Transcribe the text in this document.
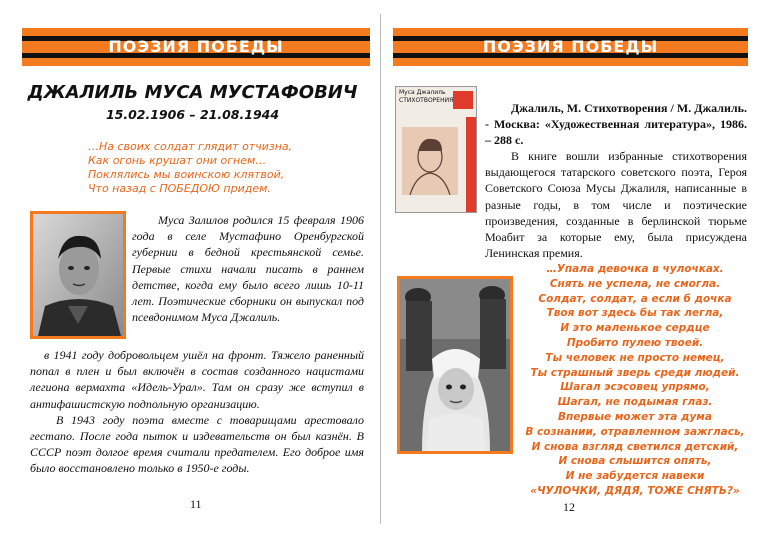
ПОЭЗИЯ ПОБЕДЫ
ДЖАЛИЛЬ МУСА МУСТАФОВИЧ
15.02.1906 – 21.08.1944
…На своих солдат глядит отчизна,
Как огонь крушат они огнем…
Поклялись мы воинскою клятвой,
Что назад с ПОБЕДОЮ придем.

Муса Залилов родился 15 февраля 1906 года в селе Мустафино Оренбургской губернии в бедной крестьянской семье. Первые стихи начали писать в раннем детстве, когда ему было всего лишь 10-11 лет. Поэтические сборники он выпускал под псевдонимом Муса Джалиль.

в 1941 году добровольцем ушёл на фронт. Тяжело раненный попал в плен и был включён в состав созданного нацистами легиона вермахта «Идель-Урал». Там он сразу же вступил в антифашистскую подпольную организацию.

В 1943 году поэта вместе с товарищами арестовало гестапо. После года пыток и издевательств он был казнён. В СССР поэт долгое время считали предателем. Его доброе имя было восстановлено только в 1950-е годы.

11
ПОЭЗИЯ ПОБЕДЫ
Муса Джалиль
СТИХОТВОРЕНИЯ

Джалиль, М. Стихотворения / М. Джалиль. - Москва: «Художественная литература», 1986. – 288 с.

В книге вошли избранные стихотворения выдающегося татарского советского поэта, Героя Советского Союза Мусы Джалиля, написанные в разные годы, в том числе и поэтические произведения, созданные в берлинской тюрьме Моабит за которые ему, была присуждена Ленинская премия.

…Упала девочка в чулочках.
Снять не успела, не смогла.
Солдат, солдат, а если б дочка
Твоя вот здесь бы так легла,
И это маленькое сердце
Пробито пулею твоей.
Ты человек не просто немец,
Ты страшный зверь среди людей.
Шагал эсэсовец упрямо,
Шагал, не подымая глаз.
Впервые может эта дума
В сознании, отравленном зажглась,
И снова взгляд светился детский,
И снова слышится опять,
И не забудется навеки
«ЧУЛОЧКИ, ДЯДЯ, ТОЖЕ СНЯТЬ?»
12
